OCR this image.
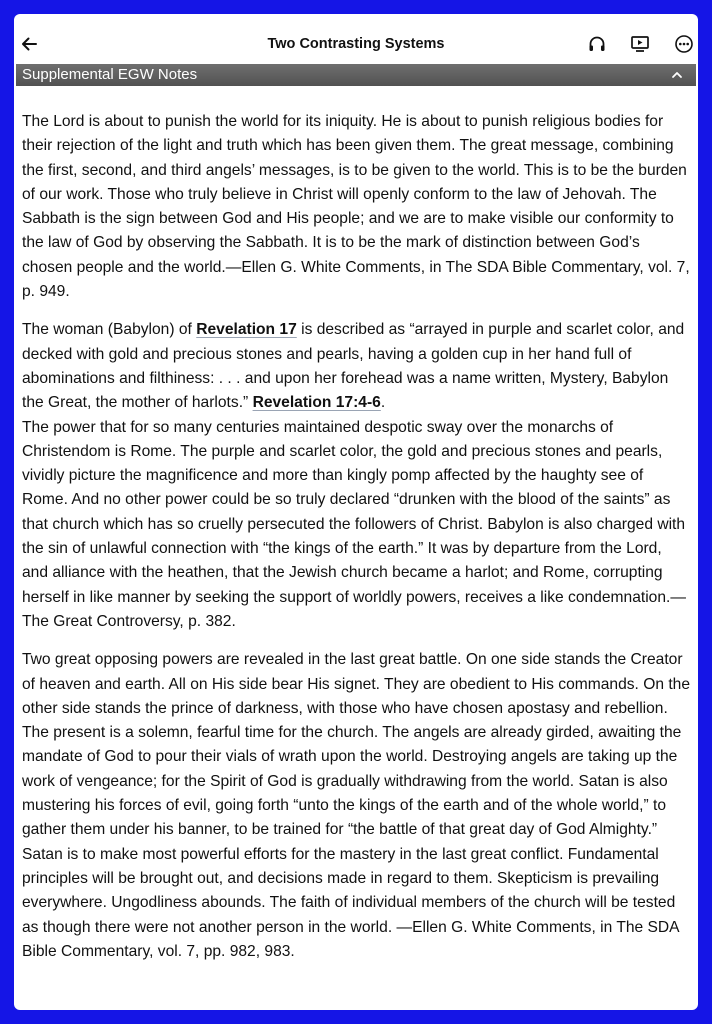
Two Contrasting Systems
Supplemental EGW Notes

The Lord is about to punish the world for its iniquity. He is about to punish religious bodies for their rejection of the light and truth which has been given them. The great message, combining the first, second, and third angels’ messages, is to be given to the world. This is to be the burden of our work. Those who truly believe in Christ will openly conform to the law of Jehovah. The Sabbath is the sign between God and His people; and we are to make visible our conformity to the law of God by observing the Sabbath. It is to be the mark of distinction between God’s chosen people and the world.—Ellen G. White Comments, in The SDA Bible Commentary, vol. 7, p. 949.

The woman (Babylon) of Revelation 17 is described as “arrayed in purple and scarlet color, and decked with gold and precious stones and pearls, having a golden cup in her hand full of abominations and filthiness: . . . and upon her forehead was a name written, Mystery, Babylon the Great, the mother of harlots.” Revelation 17:4-6.
The power that for so many centuries maintained despotic sway over the monarchs of Christendom is Rome. The purple and scarlet color, the gold and precious stones and pearls, vividly picture the magnificence and more than kingly pomp affected by the haughty see of Rome. And no other power could be so truly declared “drunken with the blood of the saints” as that church which has so cruelly persecuted the followers of Christ. Babylon is also charged with the sin of unlawful connection with “the kings of the earth.” It was by departure from the Lord, and alliance with the heathen, that the Jewish church became a harlot; and Rome, corrupting herself in like manner by seeking the support of worldly powers, receives a like condemnation.—The Great Controversy, p. 382.

Two great opposing powers are revealed in the last great battle. On one side stands the Creator of heaven and earth. All on His side bear His signet. They are obedient to His commands. On the other side stands the prince of darkness, with those who have chosen apostasy and rebellion.
The present is a solemn, fearful time for the church. The angels are already girded, awaiting the mandate of God to pour their vials of wrath upon the world. Destroying angels are taking up the work of vengeance; for the Spirit of God is gradually withdrawing from the world. Satan is also mustering his forces of evil, going forth “unto the kings of the earth and of the whole world,” to gather them under his banner, to be trained for “the battle of that great day of God Almighty.” Satan is to make most powerful efforts for the mastery in the last great conflict. Fundamental principles will be brought out, and decisions made in regard to them. Skepticism is prevailing everywhere. Ungodliness abounds. The faith of individual members of the church will be tested as though there were not another person in the world. —Ellen G. White Comments, in The SDA Bible Commentary, vol. 7, pp. 982, 983.
